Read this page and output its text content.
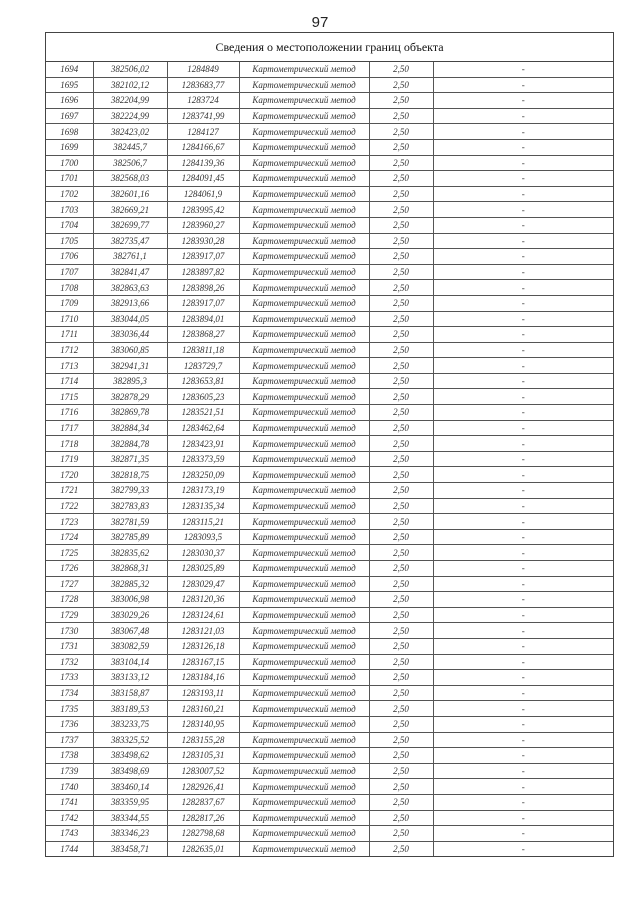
97
Сведения о местоположении границ объекта
1694	382506,02	1284849	Картометрический метод	2,50	-
1695	382102,12	1283683,77	Картометрический метод	2,50	-
1696	382204,99	1283724	Картометрический метод	2,50	-
1697	382224,99	1283741,99	Картометрический метод	2,50	-
1698	382423,02	1284127	Картометрический метод	2,50	-
1699	382445,7	1284166,67	Картометрический метод	2,50	-
1700	382506,7	1284139,36	Картометрический метод	2,50	-
1701	382568,03	1284091,45	Картометрический метод	2,50	-
1702	382601,16	1284061,9	Картометрический метод	2,50	-
1703	382669,21	1283995,42	Картометрический метод	2,50	-
1704	382699,77	1283960,27	Картометрический метод	2,50	-
1705	382735,47	1283930,28	Картометрический метод	2,50	-
1706	382761,1	1283917,07	Картометрический метод	2,50	-
1707	382841,47	1283897,82	Картометрический метод	2,50	-
1708	382863,63	1283898,26	Картометрический метод	2,50	-
1709	382913,66	1283917,07	Картометрический метод	2,50	-
1710	383044,05	1283894,01	Картометрический метод	2,50	-
1711	383036,44	1283868,27	Картометрический метод	2,50	-
1712	383060,85	1283811,18	Картометрический метод	2,50	-
1713	382941,31	1283729,7	Картометрический метод	2,50	-
1714	382895,3	1283653,81	Картометрический метод	2,50	-
1715	382878,29	1283605,23	Картометрический метод	2,50	-
1716	382869,78	1283521,51	Картометрический метод	2,50	-
1717	382884,34	1283462,64	Картометрический метод	2,50	-
1718	382884,78	1283423,91	Картометрический метод	2,50	-
1719	382871,35	1283373,59	Картометрический метод	2,50	-
1720	382818,75	1283250,09	Картометрический метод	2,50	-
1721	382799,33	1283173,19	Картометрический метод	2,50	-
1722	382783,83	1283135,34	Картометрический метод	2,50	-
1723	382781,59	1283115,21	Картометрический метод	2,50	-
1724	382785,89	1283093,5	Картометрический метод	2,50	-
1725	382835,62	1283030,37	Картометрический метод	2,50	-
1726	382868,31	1283025,89	Картометрический метод	2,50	-
1727	382885,32	1283029,47	Картометрический метод	2,50	-
1728	383006,98	1283120,36	Картометрический метод	2,50	-
1729	383029,26	1283124,61	Картометрический метод	2,50	-
1730	383067,48	1283121,03	Картометрический метод	2,50	-
1731	383082,59	1283126,18	Картометрический метод	2,50	-
1732	383104,14	1283167,15	Картометрический метод	2,50	-
1733	383133,12	1283184,16	Картометрический метод	2,50	-
1734	383158,87	1283193,11	Картометрический метод	2,50	-
1735	383189,53	1283160,21	Картометрический метод	2,50	-
1736	383233,75	1283140,95	Картометрический метод	2,50	-
1737	383325,52	1283155,28	Картометрический метод	2,50	-
1738	383498,62	1283105,31	Картометрический метод	2,50	-
1739	383498,69	1283007,52	Картометрический метод	2,50	-
1740	383460,14	1282926,41	Картометрический метод	2,50	-
1741	383359,95	1282837,67	Картометрический метод	2,50	-
1742	383344,55	1282817,26	Картометрический метод	2,50	-
1743	383346,23	1282798,68	Картометрический метод	2,50	-
1744	383458,71	1282635,01	Картометрический метод	2,50	-
